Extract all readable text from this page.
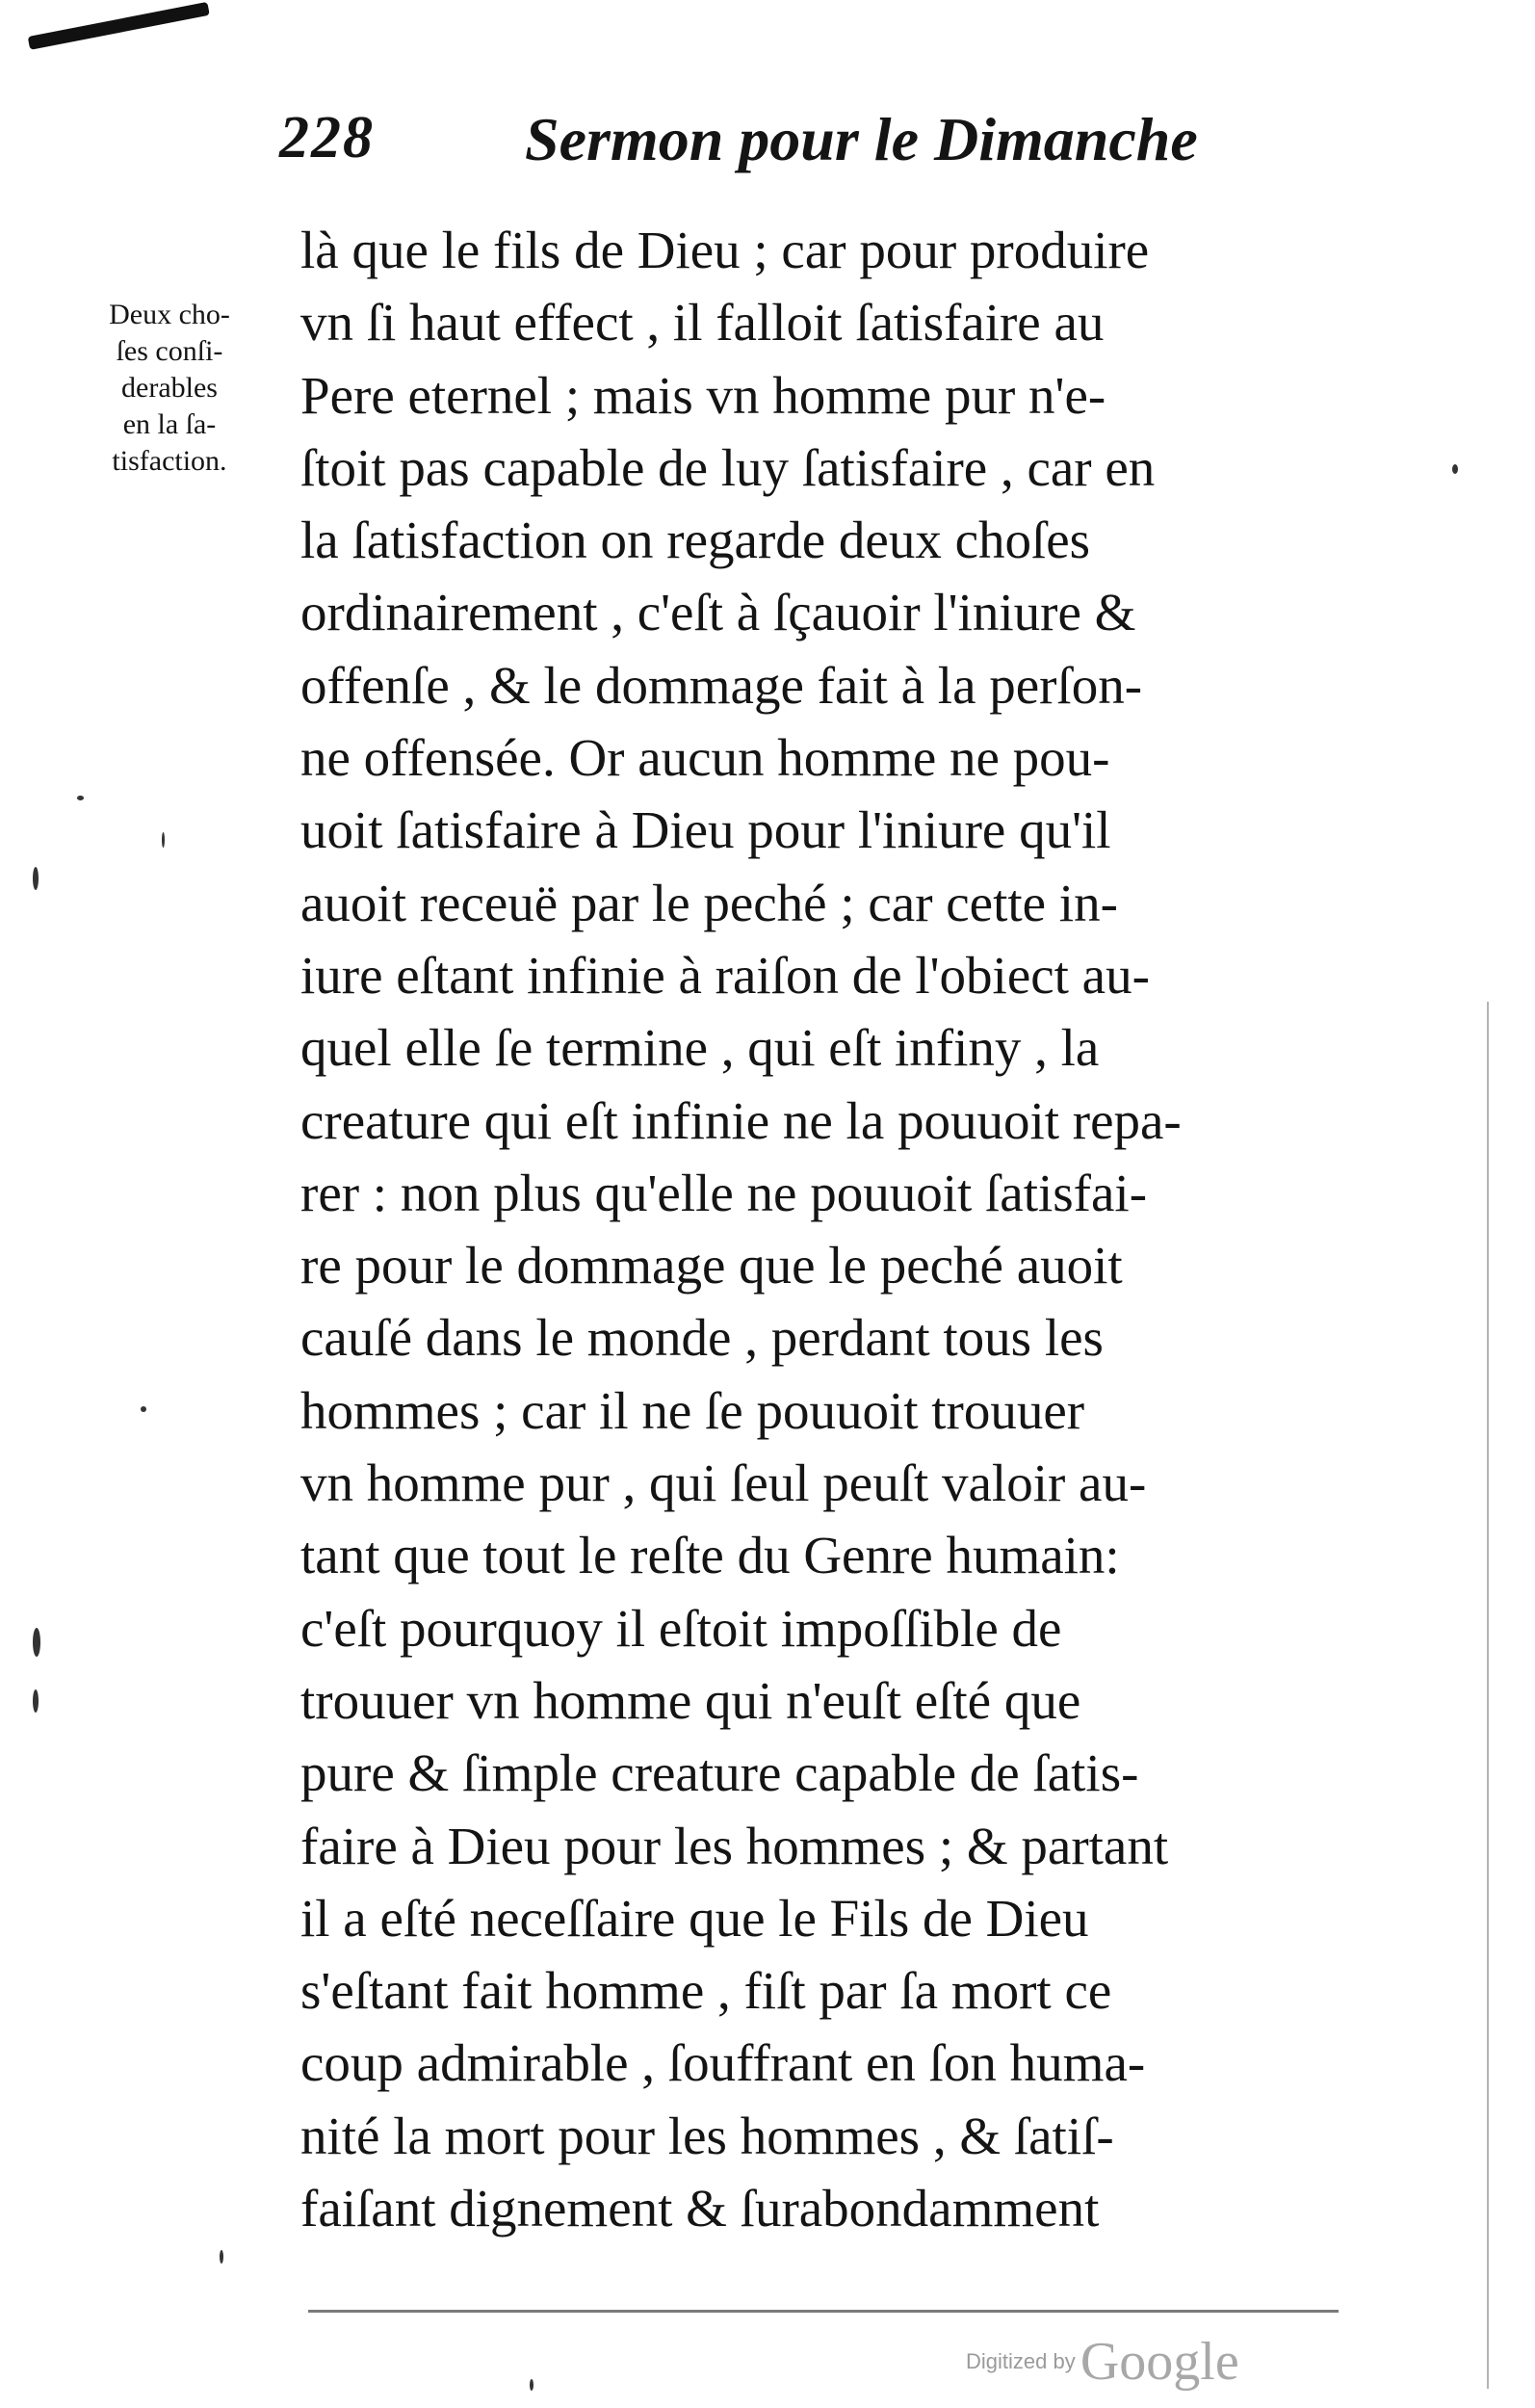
228 Sermon pour le Dimanche
Deux cho-
ſes conſi-
derables
en la ſa-
tisfaction.
là que le fils de Dieu ; car pour produire
vn ſi haut effect , il falloit ſatisfaire au
Pere eternel ; mais vn homme pur n'e-
ſtoit pas capable de luy ſatisfaire , car en
la ſatisfaction on regarde deux choſes
ordinairement , c'eſt à ſçauoir l'iniure &
offenſe , & le dommage fait à la perſon-
ne offensée. Or aucun homme ne pou-
uoit ſatisfaire à Dieu pour l'iniure qu'il
auoit receuë par le peché ; car cette in-
iure eſtant infinie à raiſon de l'obiect au-
quel elle ſe termine , qui eſt infiny , la
creature qui eſt infinie ne la pouuoit repa-
rer : non plus qu'elle ne pouuoit ſatisfai-
re pour le dommage que le peché auoit
cauſé dans le monde , perdant tous les
hommes ; car il ne ſe pouuoit trouuer
vn homme pur , qui ſeul peuſt valoir au-
tant que tout le reſte du Genre humain:
c'eſt pourquoy il eſtoit impoſſible de
trouuer vn homme qui n'euſt eſté que
pure & ſimple creature capable de ſatis-
faire à Dieu pour les hommes ; & partant
il a eſté neceſſaire que le Fils de Dieu
s'eſtant fait homme , fiſt par ſa mort ce
coup admirable , ſouffrant en ſon huma-
nité la mort pour les hommes , & ſatiſ-
faiſant dignement & ſurabondamment
Digitized by Google
